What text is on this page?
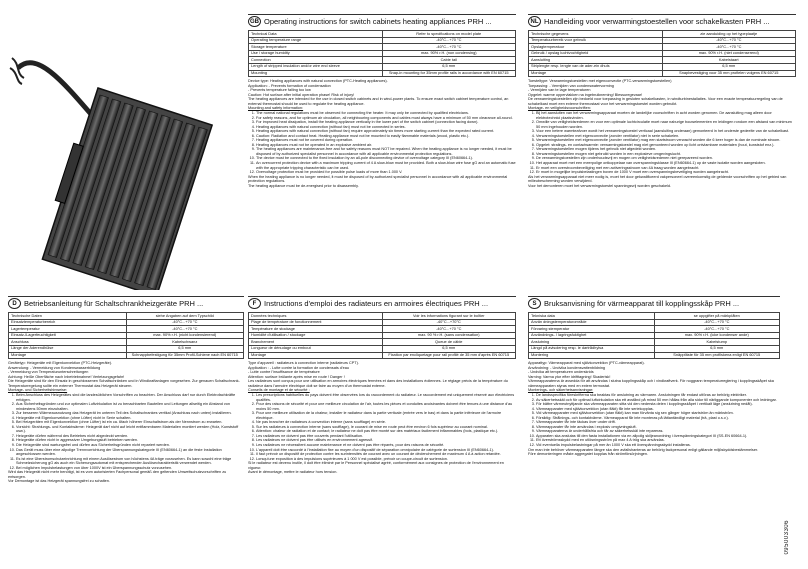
GB Operating instructions for switch cabinets heating appliances PRH ...
Technical Data	Refer to specifications on model plate
Operating temperature range	-40°C...+70 °C
Storage temperature	-40°C...+70 °C
Use / storage humidity	max. 90% r.H. (non condensing)
Connection	Cable tail
Length of stripped insulation and/or wire end sleeve	6,5 mm
Mounting	Snap-in mounting for 35mm profile rails in accordance with EN 60715

Device type: Heating appliances with natural convection (PTC-Heating appliances).

Application: - Prevents formation of condensation

- Prevents temperature falling too low

Caution: Hot surface after initial operation phase! Risk of injury!

The heating appliances are intended for the use in closed switch cabinets and in wind-power plants. To ensure exact switch cabinet temperature control, an external thermostat should be used to regulate the heating appliance.

Mounting and safety information:

1. The normal national regulations must be observed for connecting the heater. It may only be connected by qualified electricians.
2. For safety reasons, and for optimum air circulation, all neighbouring components and cables must always have a minimum of 50 mm clearance all-round.
3. For improved heat dissipation, install the heating appliance vertically in the lower part of the switch cabinet (connection facing down).
4. Heating appliances with natural convection (without fan) must not be connected in series.
5. Heating appliances with natural convection (without fan) require approximately six times more starting current than the expected rated current.
6. Caution: Radiation and contact heat. Heating appliance must not be mounted to easily flammable materials (wood, plastic etc.).
7. Heating appliances must not be covered during operation.
8. Heating appliances must not be operated in an explosive ambient air.
9. The heating appliances are maintenance-free and for safety reasons must NOT be repaired. When the heating appliance is no longer needed, it must be disposed of by authorized specialist personnel in accordance with all applicable environmental protection regulations.
10. The device must be connected to the fixed insulation by an all-pole disconnecting device of overvoltage category III (EN60664-1).
11. An overcurrent protection device with a maximum tripping current of 4 A slow-blow must be provided. Both a slow-blow wire fuse gG and an automatic fuse with the appropriate tripping characteristic can be used.
12. Overvoltage protection must be provided for possible pulse loads of more than 1.000 V.

When the heating appliance is no longer needed, it must be disposed of by authorized specialist personnel in accordance with all applicable environmental protection regulations.

The heating appliance must be de-energised prior to disassembly.

NL Handleiding voor verwarmingstoestellen voor schakelkasten PRH ...
Technische gegevens	zie aanduiding op het typeplaatje
Temperatuurbereik voor gebruik	-40°C...+70 °C
Opslagtemperatuur	-40°C...+70 °C
Gebruik / opslag luchtvochtigheid	max. 90% r.H. (niet condenserend)
Aansluiting	Kabelstaart
Striplengte resp. lengte van de ader-ein dhuls	6,5 mm
Montage	Snapbevestiging voor 35 mm profielen volgens EN 60715

Toesteltype: Verwarmingstoestellen met eigenconvectie (PTC-verwarmingstoestellen)

Toepassing: - Vermijden van condenswatervorming

- Vermijden van te lage temperaturen

Opgelet: warme oppervlakken na ingebruikneming! Blessuregevaar!

De verwarmingstoestellen zijn bedoeld voor toepassing in gesloten schakelkasten, in windturbinestallaties. Voor een exacte temperatuurregeling van de schakelkast moet een externe thermostaat voor het verwarmingstoestel worden gebruikt.

Montage- en veiligheidsvoorschriften:

1. Bij het aansluiten van het verwarmingsapparaat moeten de landelijke voorschriften in acht worden genomen. De aansluiting mag alleen door elektrotechnici plaatsvinden.
2. Omwille van veiligheidsredenen en voor een optimale luchtcirculatie moet naar naburige bouwelementen en leidingen rondom een afstand van minimum 50 mm ingehouden worden.
3. Voor een betere warmteafvoer wordt het verwarmingstoestel verticaal (aansluiting onderaan) gemonteerd in het onderste gedeelte van de schakelkast.
4. Verwarmingstoestellen met eigenconvectie (zonder ventilator) niet in serie schakelen.
5. Verwarmingstoestellen met eigenconvectie (zonder ventilator) mag een startstroom verwacht worden die 6 keer hoger is dan de nominale stroom.
6. Opgelet: stralings- en contactwarmte: verwarmingstoestel mag niet gemonteerd worden op licht ontvlambare materialen (hout, kunststof enz.).
7. Verwarmingstoestellen mogen tijdens het gebruik niet afgedekt worden.
8. Verwarmingstoestellen mogen niet gebruikt worden in een explosieve omgevingslucht.
9. De verwarmingstoestellen zijn onderhoudsvrij en mogen om veiligheidsredenen niet gerepareerd worden.
10. Het apparaat moet met een meerpolige ontkoppelaar van overspanningsklasse III (EN60664-1) op de vaste isolatie worden aangesloten.
11. Er moet een overstroombeveiliging met een activeringsstroom van 4A traag worden aangebracht.
12. Er moet in mogelijke impulsbelastingen boven de 1000 V moet een overspanningsbeveiliging worden aangebracht.

Als het verwarmingsapparaat niet meer nodig is, moet het door gekwalificeerd vakpersoneel overeenkomstig de geldende voorschriften op het gebied van milieubescherming worden verwijderd.

Voor het demonteren moet het verwarmingstoestel spanningsvrij worden geschakeld.

D Betriebsanleitung für Schaltschrankheizgeräte PRH ...
Technische Daten	siehe Angaben auf dem Typschild
Einsatztemperaturbereich	-40°C...+70 °C
Lagertemperatur	-40°C...+70 °C
Einsatz-/Lagerfeuchtigkeit	max. 90% r.H. (nicht kondensierend)
Anschluss	Kabelschwanz
Länge der Aderendhülse	6,5 mm
Montage	Schnappbefestigung für 35mm Profil-Schiene nach EN 60715

Gerätetyp: Heizgeräte mit Eigenkonvektion (PTC-Heizgeräte).

Anwendung: - Vermeidung von Kondenswasserbildung

- Vermeidung von Temperaturunterschreitungen

Achtung: Heiße Oberfläche nach Inbetriebnahme! Verletzungsgefahr!

Die Heizgeräte sind für den Einsatz in geschlossenen Schaltschränken und in Windkraftanlagen vorgesehen. Zur genauen Schaltschrank-Temperaturregelung sollte ein externer Thermostat das Heizgerät steuern.

Montage- und Sicherheitshinweise:

1. Beim Anschluss des Heizgerätes sind die landesüblichen Vorschriften zu beachten. Der Anschluss darf nur durch Elektrofachkräfte erfolgen.
2. Aus Sicherheitsgründen und zur optimalen Luftzirkulation ist zu benachbarten Bauteilen und Leitungen allseitig ein Abstand von mindestens 50mm einzuhalten.
3. Zur besseren Wärmeausnutzung das Heizgerät im unteren Teil des Schaltschrankes vertikal (Anschluss nach unten) installieren.
4. Heizgeräte mit Eigenkonvektion (ohne Lüfter) nicht in Serie schalten.
5. Bei Heizgeräten mit Eigenkonvektion (ohne Lüfter) ist ein ca. 6fach höherer Einschaltstrom als der Nennstrom zu erwarten.
6. Vorsicht: Strahlungs- und Kontaktwärme: Heizgerät darf nicht auf leicht entflammbaren Materialien montiert werden (Holz, Kunststoff usw.).
7. Heizgeräte dürfen während des Betriebes nicht abgedeckt werden.
8. Heizgeräte dürfen nicht in aggressiver Umgebungsluft betrieben werden.
9. Die Heizgeräte sind wartungsfrei und dürfen aus Sicherheitsgründen nicht repariert werden.
10. Das Gerät muss über eine allpolige Trennvorrichtung der Überspannungskategorie III (EN60664-1) an die feste Installation angeschlossen werden.
11. Es ist eine Überstromschutzeinrichtung mit einem Auslösestrom von höchstens 4A träge vorzusehen. Es kann sowohl eine träge Schmelzsicherung gG als auch ein Sicherungsautomat mit entsprechender Auslösecharakteristik verwendet werden.
12. Bei möglichen Impulsbelastungen von über 1000V ist ein Überspannungsschutz vorzusehen.

Wird das Heizgerät nicht mehr benötigt, ist es vom autorisierten Fachpersonal gemäß den geltenden Umweltschutzvorschriften zu entsorgen.

Vor Demontage ist das Heizgerät spannungsfrei zu schalten.

F	Instructions d'emploi des radiateurs en armoires électriques PRH ...
Données techniques	Voir les informations figurant sur le boîtier
Plage de température de fonctionnement	-40°C...+70°C
Température de stockage	-40°C...+70 °C
Humidité d'utilisation / stockage	max. 90 % r.H. (sans condensation)
Branchement	Queue de câble
Longueur de dénudage ou embout	6,5 mm
Montage	Fixation par encliquetage pour rail profilé de 35 mm d'après EN 60715

Type d'appareil : radiateurs à convection interne (radiateurs CPT).

Application : - Lutte contre la formation de condensats d'eau

- Lutte contre l'insuffisance de température

Attention: surface brûlante après mise en route ! Danger !

Les radiateurs sont conçus pour une utilisation en armoires électriques fermées et dans des installations éoliennes. Le réglage précis de la température du radiateur dans l'armoire électrique doit se faire au moyen d'un thermostat externe.

Conseils de montage et de sécurité :

1. Les prescriptions habituelles du pays doivent être observées lors du raccordement du radiateur. Le raccordement est uniquement réservé aux électriciens qualifiés.
2. Pour des raisons de sécurité et pour une meilleure circulation de l'air, toutes les pièces et conduites avoisinantes doivent être tenues à une distance d'au moins 50 mm.
3. Pour une meilleure utilisation de la chaleur, installer le radiateur dans la partie verticale (entrée vers le bas) et dans la partie inférieure de l'armoire électrique.
4. Ne pas brancher de radiateurs à convection interne (sans soufflage) en série.
5. Sur les radiateurs à convection interne (sans soufflage), le courant de mise en route peut être environ 6 fois supérieur au courant nominal.
6. Attention: chaleur de radiation et de contact; le radiateur ne doit pas être monté sur des matériaux facilement inflammables (bois, plastique etc.).
7. Les radiateurs ne doivent pas être couverts pendant l'utilisation.
8. Les radiateurs ne doivent pas être utilisés en environnement agressif.
9. Les radiateurs ne nécessitent aucune maintenance et ne doivent pas être réparés, pour des raisons de sécurité.
10. L'appareil doit être raccordé à l'installation fixe au moyen d'un dispositif de séparation omnipolaire de catégorie de surtension III (EN60664-1).
11. Il faut prévoir un dispositif de protection contre les surintensités de courant avec un courant de déclenchement de maximum 4 A à action retardée.
12. Lorsqu'une exposition à des impulsions supérieures à 1 000 V est possible, prévoir un coupe-circuit de surtension.

Si le radiateur est devenu inutile, il doit être éliminé par le Personnel spécialisé agréé, conformément aux consignes de protection de l'environnement en vigueur.

Avant le démontage, mettre le radiateur hors tension.

S	Bruksanvisning för värmeapparat till kopplingsskåp PRH ...
Tekniska data	se uppgifter på märkplåten
Använ dningstemperaturområde	-40°C...+70 °C
Förvaring stemperatur	-40°C...+70 °C
Användnings- / lagringsfuktighet	max. 90% r.H. (icke kondenser ande)
Anslutning	Kabelstump
Längd på avisolering resp. le dartrådhylsa	6,5 mm
Montering	Snäppfäste för 35 mm profilskena enligt EN 60715

Apparattyp: Värmeapparat med självkonvektion (PTC-värmeapparat).

Användning: - Undvika kondensvattenbildning

- Undvika att temperaturen underskrids

Varning: Varma ytor efter idrifttagning! Skaderisk!

Värmeapparaterna är avsedda för att användas i slutna kopplingsskåp och i vindkraftverk. För noggrann temperaturreglering i kopplingsskåpet ska värmeapparaten styras med en extern termostat.

Monterings- och säkerhetsanvisningar:

1. De landsspecifika föreskrifterna ska beaktas för anslutning av värmaren. Anslutningen får endast utföras av behörig elektriker.
2. Av säkerhetsskäl och för optimal luftcirkulation ska ett avstånd på minst 50 mm hållas från alla sidor till närliggande komponenter och ledningar.
3. För bättre värmeutnyttjande ska värmeapparaten sitta vid den nedersta delen i kopplingsskåpet i vertikalt läge (anslutning nedåt).
4. Värmeapparater med självkonvektion (utan fläkt) får inte seriekopplas.
5. Vid värmeapparater med självkonvektion (utan fläkt) kan man förvänta sig sex gånger högre startström än märkström.
6. Försiktig: Strålnings- och kontaktvärme. Värmeapparat får inte monteras på lättantändligt material (trä, plast o.s.v.).
7. Värmeapparater får inte täckas över under drift.
8. Värmeapparater får inte användas i explosiv omgivningsluft.
9. Värmeapparaterna är underhållsfria och får av säkerhetsskäl inte repareras.
10. Apparaten ska anslutas till den fasta installationen via en allpolig skiljeanordning i överspänningskategori III (SS-EN 60664-1).
11. Ett överströmsskydd med en utlösningsström på max 4 A trög ska användas.
12. Vid eventuella impulsbelastningar på mer än 1000 V ska ett överspänningsskydd installeras.

Om man inte behöver värmeapparaten längre ska den avfallshanteras av behörig fackpersonal enligt gällande miljöskyddsbestämmelser.

Före demonteringen måste aggregatet kopplas från strömförsörjningen.

095003306
